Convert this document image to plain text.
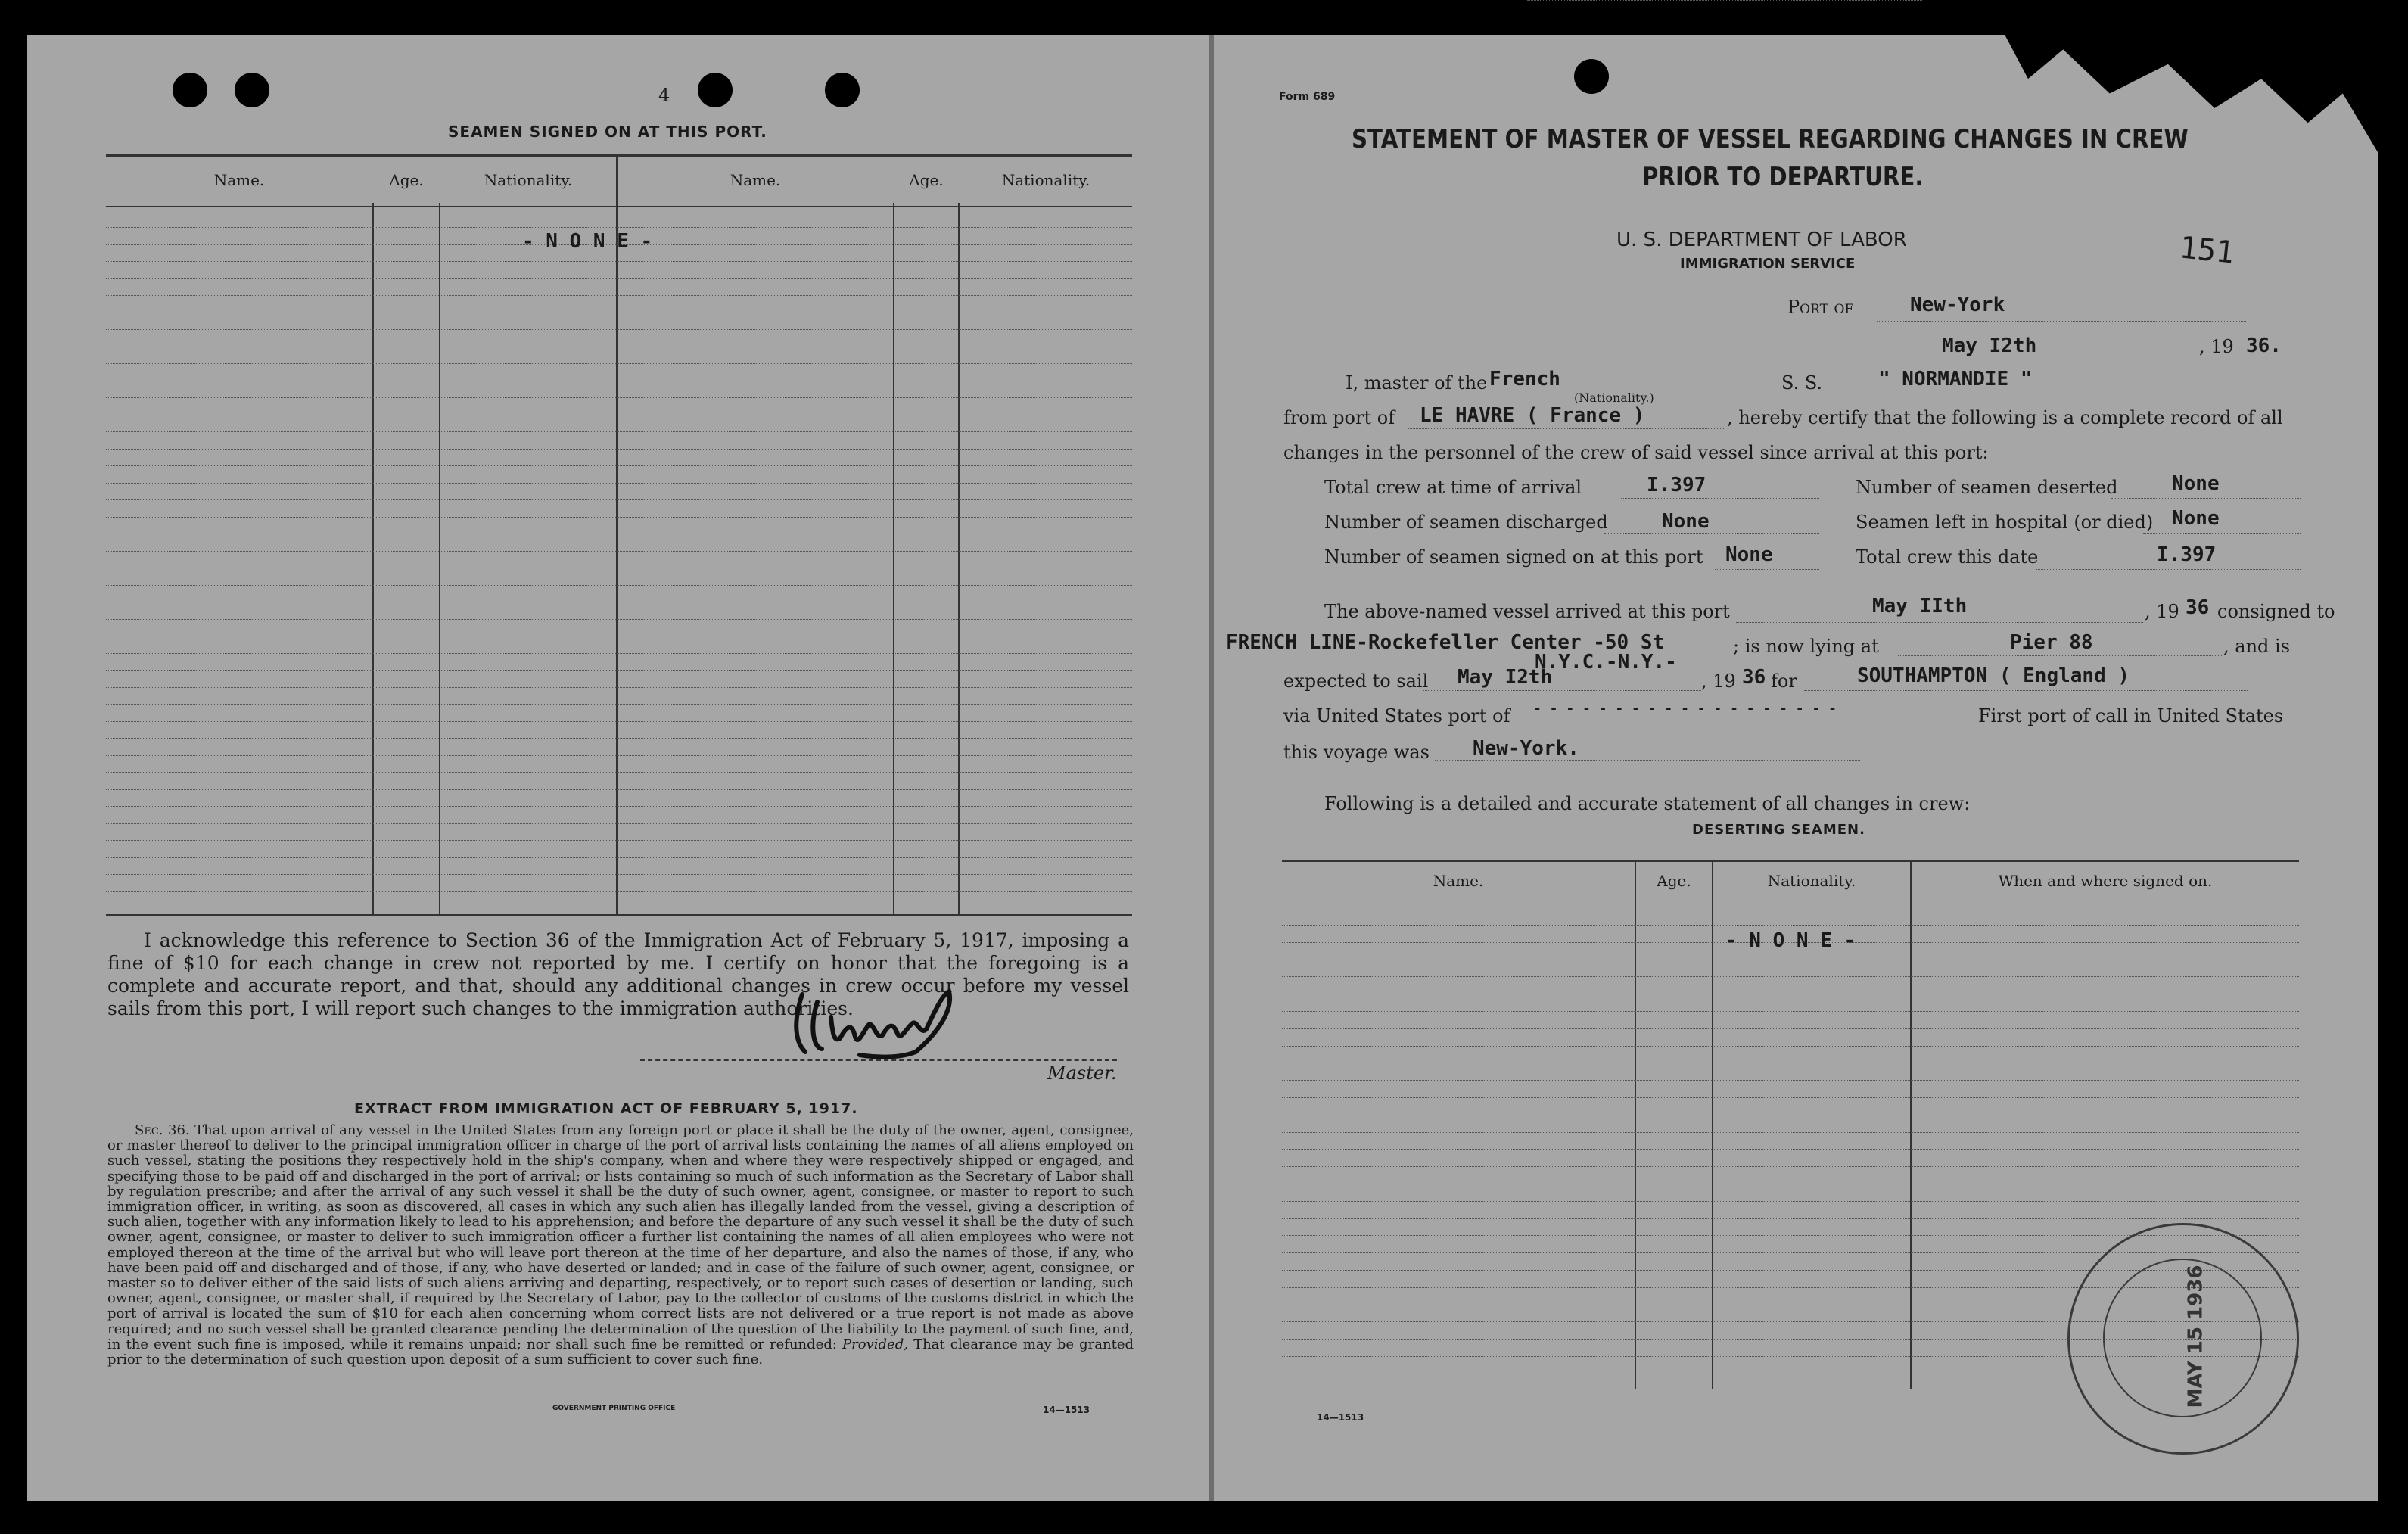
4
SEAMEN SIGNED ON AT THIS PORT.
Name.	Age.	Nationality.	Name.	Age.	Nationality.
- N O N E -
I acknowledge this reference to Section 36 of the Immigration Act of February 5, 1917, imposing a fine of $10 for each change in crew not reported by me. I certify on honor that the foregoing is a complete and accurate report, and that, should any additional changes in crew occur before my vessel sails from this port, I will report such changes to the immigration authorities.
Master.
EXTRACT FROM IMMIGRATION ACT OF FEBRUARY 5, 1917.
Sec. 36. That upon arrival of any vessel in the United States from any foreign port or place it shall be the duty of the owner, agent, consignee, or master thereof to deliver to the principal immigration officer in charge of the port of arrival lists containing the names of all aliens employed on such vessel, stating the positions they respectively hold in the ship's company, when and where they were respectively shipped or engaged, and specifying those to be paid off and discharged in the port of arrival; or lists containing so much of such information as the Secretary of Labor shall by regulation prescribe; and after the arrival of any such vessel it shall be the duty of such owner, agent, consignee, or master to report to such immigration officer, in writing, as soon as discovered, all cases in which any such alien has illegally landed from the vessel, giving a description of such alien, together with any information likely to lead to his apprehension; and before the departure of any such vessel it shall be the duty of such owner, agent, consignee, or master to deliver to such immigration officer a further list containing the names of all alien employees who were not employed thereon at the time of the arrival but who will leave port thereon at the time of her departure, and also the names of those, if any, who have been paid off and discharged and of those, if any, who have deserted or landed; and in case of the failure of such owner, agent, consignee, or master so to deliver either of the said lists of such aliens arriving and departing, respectively, or to report such cases of desertion or landing, such owner, agent, consignee, or master shall, if required by the Secretary of Labor, pay to the collector of customs of the customs district in which the port of arrival is located the sum of $10 for each alien concerning whom correct lists are not delivered or a true report is not made as above required; and no such vessel shall be granted clearance pending the determination of the question of the liability to the payment of such fine, and, in the event such fine is imposed, while it remains unpaid; nor shall such fine be remitted or refunded: Provided, That clearance may be granted prior to the determination of such question upon deposit of a sum sufficient to cover such fine.
GOVERNMENT PRINTING OFFICE	14—1513
Form 689
STATEMENT OF MASTER OF VESSEL REGARDING CHANGES IN CREW
PRIOR TO DEPARTURE.
U. S. DEPARTMENT OF LABOR
IMMIGRATION SERVICE	151
Port of	New-York
May I2th	, 19 36.
I, master of the French
(Nationality.)
S. S.	" NORMANDIE "
from port of LE HAVRE ( France )	, hereby certify that the following is a complete record of all
changes in the personnel of the crew of said vessel since arrival at this port:
Total crew at time of arrival	I.397	Number of seamen deserted	None
Number of seamen discharged	None	Seamen left in hospital (or died) None
Number of seamen signed on at this port None	Total crew this date	I.397
The above-named vessel arrived at this port	May IIth	, 19 36 consigned to
FRENCH LINE-Rockefeller Center -50 St	; is now lying at	Pier 88	, and is
N.Y.C.-N.Y.-
expected to sail May I2th	, 19 36 for	SOUTHAMPTON ( England )
via United States port of - - - - - - - - - - - - - - - - - - -	First port of call in United States
this voyage was New-York.
Following is a detailed and accurate statement of all changes in crew:
DESERTING SEAMEN.
Name.	Age.	Nationality.	When and where signed on.
- N O N E -
14—1513
MAY 15 1936
